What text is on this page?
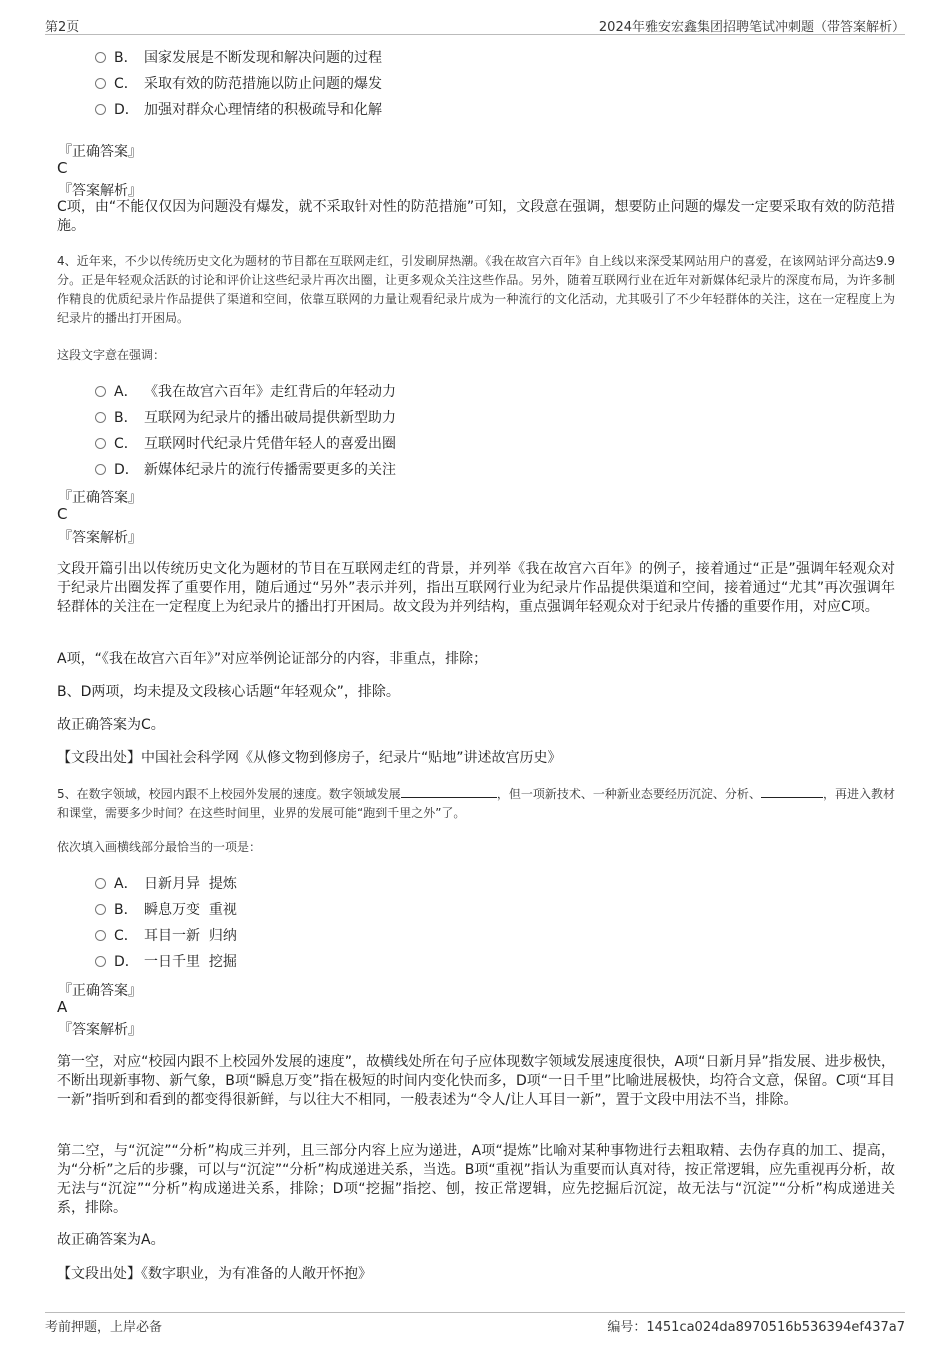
第2页	2024年雅安宏鑫集团招聘笔试冲刺题（带答案解析）
B． 国家发展是不断发现和解决问题的过程
C． 采取有效的防范措施以防止问题的爆发
D． 加强对群众心理情绪的积极疏导和化解
『正确答案』
C
『答案解析』
C项，由“不能仅仅因为问题没有爆发，就不采取针对性的防范措施”可知，文段意在强调，想要防止问题的爆发一定要采取有效的防范措施。
4、近年来，不少以传统历史文化为题材的节目都在互联网走红，引发刷屏热潮。《我在故宫六百年》自上线以来深受某网站用户的喜爱，在该网站评分高达9.9分。正是年轻观众活跃的讨论和评价让这些纪录片再次出圈，让更多观众关注这些作品。另外，随着互联网行业在近年对新媒体纪录片的深度布局，为许多制作精良的优质纪录片作品提供了渠道和空间，依靠互联网的力量让观看纪录片成为一种流行的文化活动，尤其吸引了不少年轻群体的关注，这在一定程度上为纪录片的播出打开困局。
这段文字意在强调：
A． 《我在故宫六百年》走红背后的年轻动力
B． 互联网为纪录片的播出破局提供新型助力
C． 互联网时代纪录片凭借年轻人的喜爱出圈
D． 新媒体纪录片的流行传播需要更多的关注
『正确答案』
C
『答案解析』
文段开篇引出以传统历史文化为题材的节目在互联网走红的背景，并列举《我在故宫六百年》的例子，接着通过“正是”强调年轻观众对于纪录片出圈发挥了重要作用，随后通过“另外”表示并列，指出互联网行业为纪录片作品提供渠道和空间，接着通过“尤其”再次强调年轻群体的关注在一定程度上为纪录片的播出打开困局。故文段为并列结构，重点强调年轻观众对于纪录片传播的重要作用，对应C项。
A项，“《我在故宫六百年》”对应举例论证部分的内容，非重点，排除；
B、D两项，均未提及文段核心话题“年轻观众”，排除。
故正确答案为C。
【文段出处】中国社会科学网《从修文物到修房子，纪录片“贴地”讲述故宫历史》
5、在数字领域，校园内跟不上校园外发展的速度。数字领域发展	，但一项新技术、一种新业态要经历沉淀、分析、	，再进入教材和课堂，需要多少时间？在这些时间里，业界的发展可能“跑到千里之外”了。
依次填入画横线部分最恰当的一项是：
A． 日新月异  提炼
B． 瞬息万变  重视
C． 耳目一新  归纳
D． 一日千里  挖掘
『正确答案』
A
『答案解析』
第一空，对应“校园内跟不上校园外发展的速度”，故横线处所在句子应体现数字领域发展速度很快，A项“日新月异”指发展、进步极快，不断出现新事物、新气象，B项“瞬息万变”指在极短的时间内变化快而多，D项“一日千里”比喻进展极快，均符合文意，保留。C项“耳目一新”指听到和看到的都变得很新鲜，与以往大不相同，一般表述为“令人/让人耳目一新”，置于文段中用法不当，排除。
第二空，与“沉淀”“分析”构成三并列，且三部分内容上应为递进，A项“提炼”比喻对某种事物进行去粗取精、去伪存真的加工、提高，为“分析”之后的步骤，可以与“沉淀”“分析”构成递进关系，当选。B项“重视”指认为重要而认真对待，按正常逻辑，应先重视再分析，故无法与“沉淀”“分析”构成递进关系，排除；D项“挖掘”指挖、刨，按正常逻辑，应先挖掘后沉淀，故无法与“沉淀”“分析”构成递进关系，排除。
故正确答案为A。
【文段出处】《数字职业，为有准备的人敞开怀抱》
考前押题，上岸必备	编号：1451ca024da8970516b536394ef437a7
